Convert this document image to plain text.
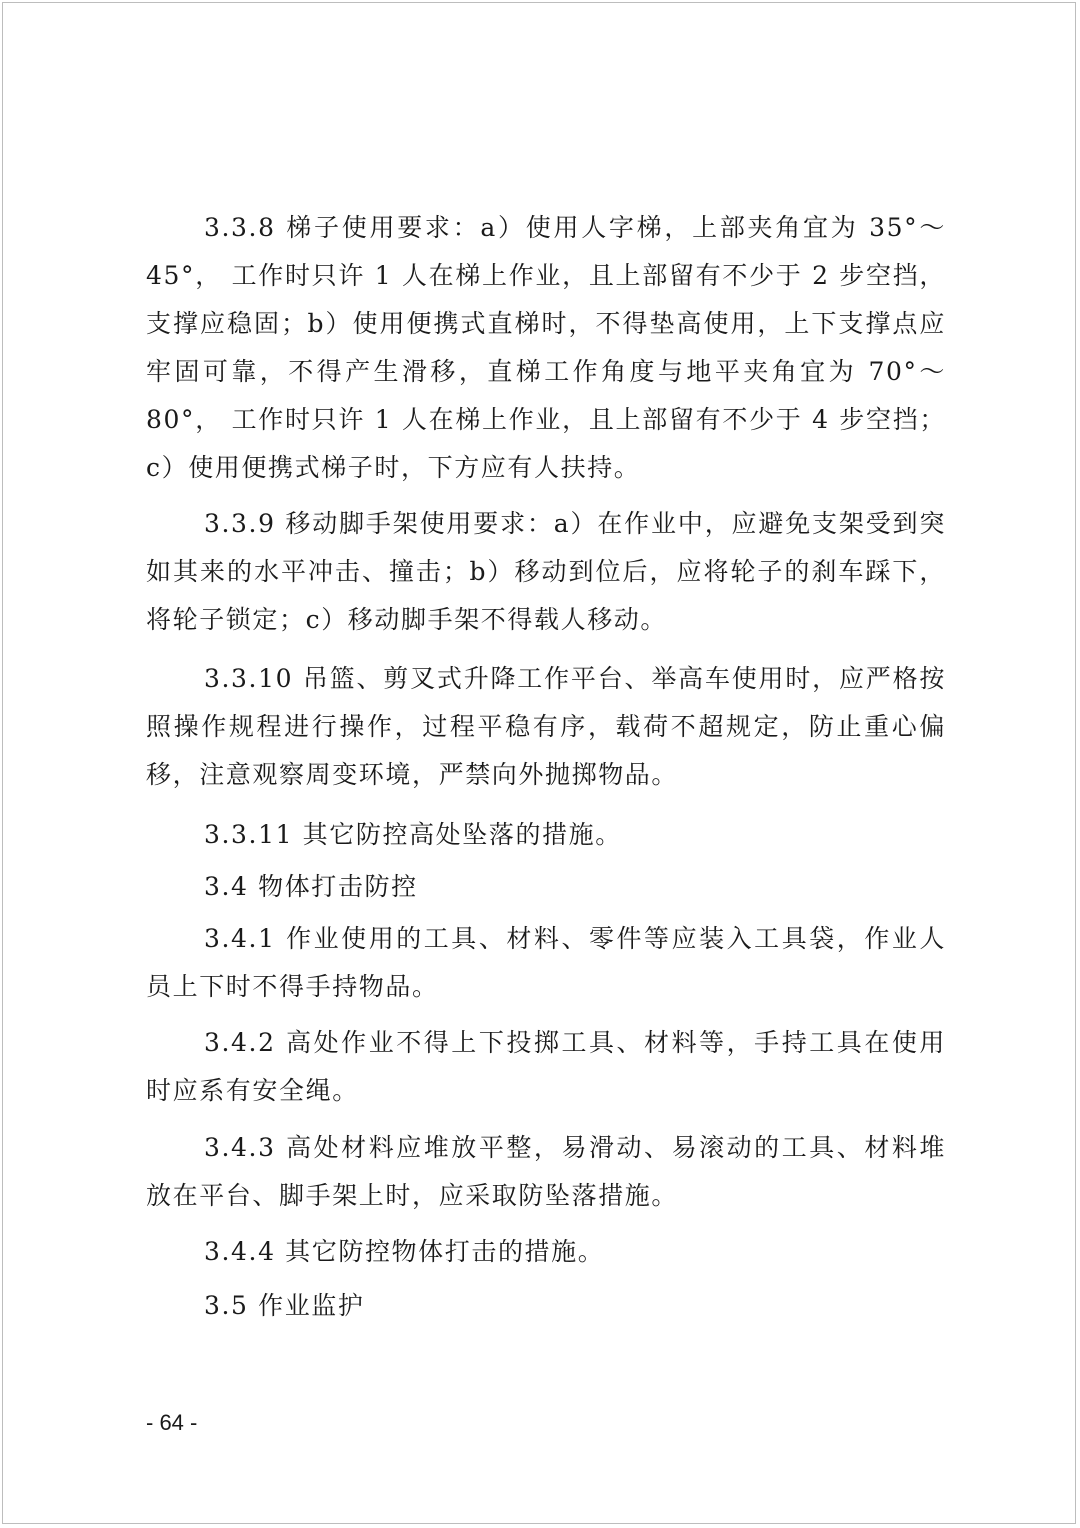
3.3.8 梯子使用要求：a）使用人字梯，上部夹角宜为 35°～45°， 工作时只许 1 人在梯上作业，且上部留有不少于 2 步空挡，支撑应稳固；b）使用便携式直梯时，不得垫高使用，上下支撑点应牢固可靠，不得产生滑移，直梯工作角度与地平夹角宜为 70°～80°， 工作时只许 1 人在梯上作业，且上部留有不少于 4 步空挡；c）使用便携式梯子时，下方应有人扶持。

3.3.9 移动脚手架使用要求：a）在作业中，应避免支架受到突如其来的水平冲击、撞击；b）移动到位后，应将轮子的刹车踩下，将轮子锁定；c）移动脚手架不得载人移动。

3.3.10 吊篮、剪叉式升降工作平台、举高车使用时，应严格按照操作规程进行操作，过程平稳有序，载荷不超规定，防止重心偏移，注意观察周变环境，严禁向外抛掷物品。

3.3.11 其它防控高处坠落的措施。

3.4 物体打击防控

3.4.1 作业使用的工具、材料、零件等应装入工具袋，作业人员上下时不得手持物品。

3.4.2 高处作业不得上下投掷工具、材料等，手持工具在使用时应系有安全绳。

3.4.3 高处材料应堆放平整，易滑动、易滚动的工具、材料堆放在平台、脚手架上时，应采取防坠落措施。

3.4.4 其它防控物体打击的措施。

3.5 作业监护

- 64 -
